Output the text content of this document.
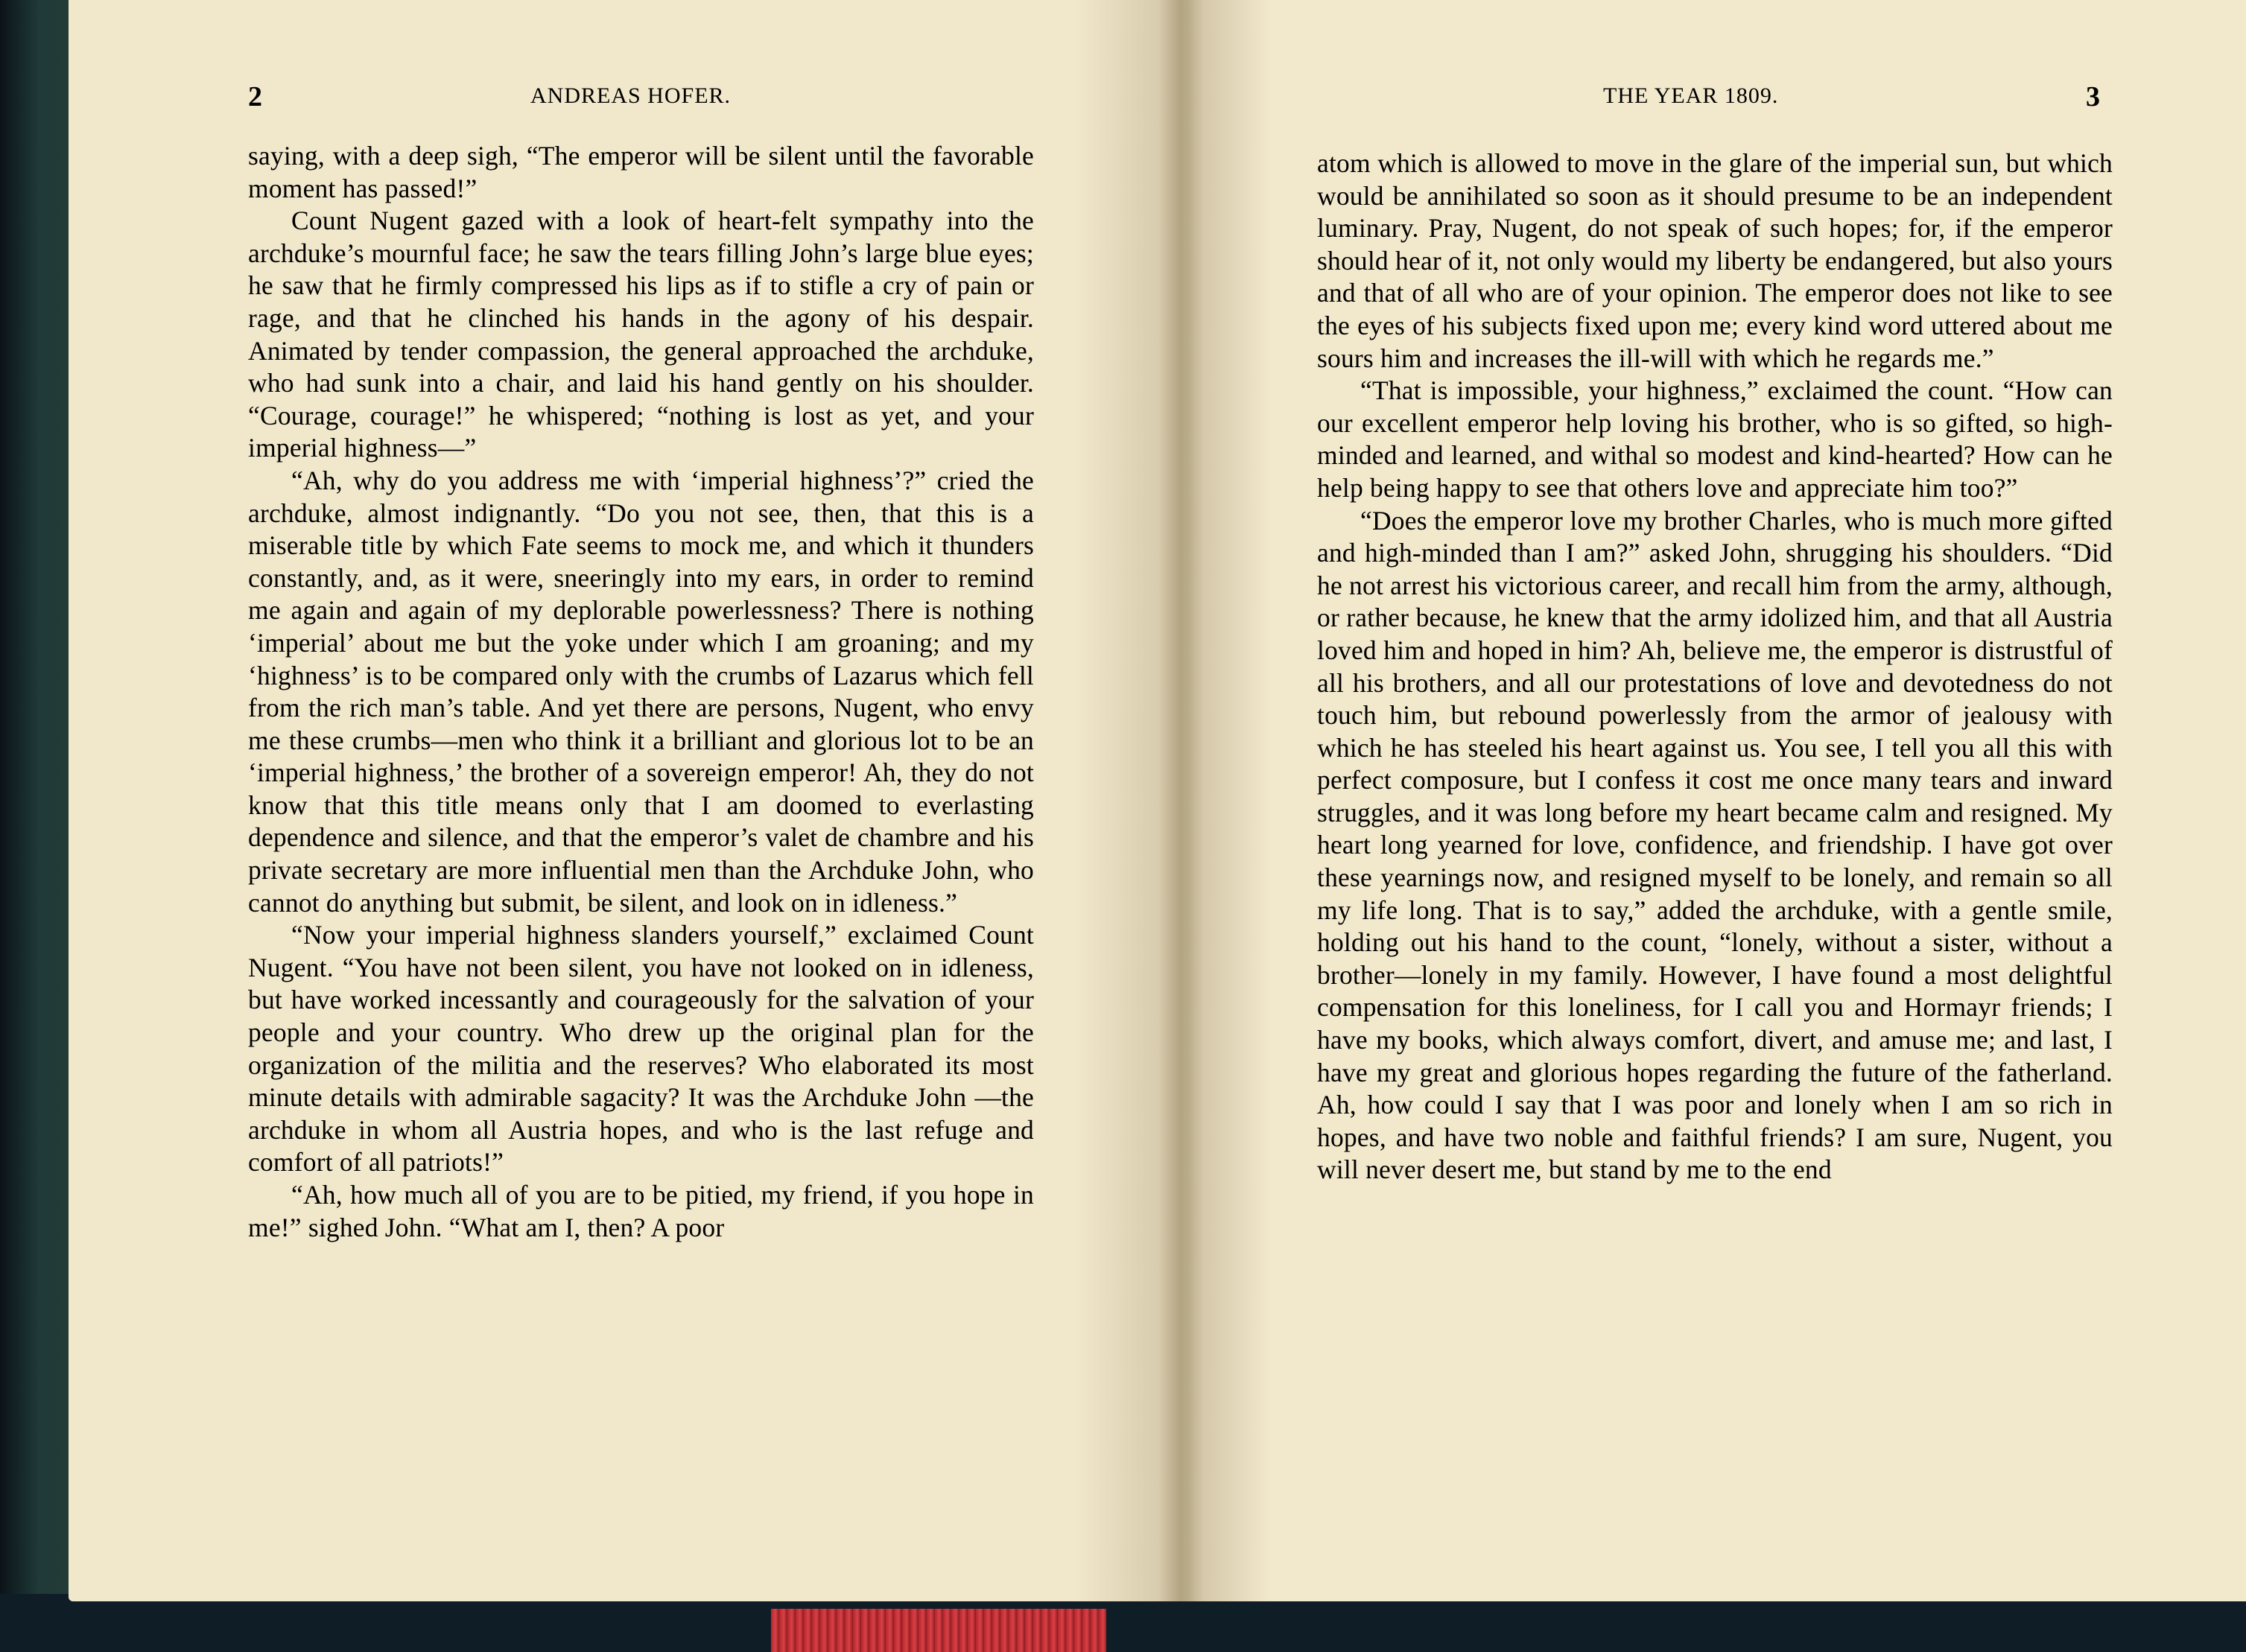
2	ANDREAS HOFER.

saying, with a deep sigh, “The emperor will be silent until the favorable moment has passed!”

Count Nugent gazed with a look of heart-felt sympathy into the archduke’s mournful face; he saw the tears filling John’s large blue eyes; he saw that he firmly compressed his lips as if to stifle a cry of pain or rage, and that he clinched his hands in the agony of his despair. Animated by tender compassion, the general approached the archduke, who had sunk into a chair, and laid his hand gently on his shoulder. “Courage, courage!” he whispered; “nothing is lost as yet, and your imperial highness—”

“Ah, why do you address me with ‘imperial highness’?” cried the archduke, almost indignantly. “Do you not see, then, that this is a miserable title by which Fate seems to mock me, and which it thunders constantly, and, as it were, sneeringly into my ears, in order to remind me again and again of my deplorable powerlessness? There is nothing ‘imperial’ about me but the yoke under which I am groaning; and my ‘highness’ is to be compared only with the crumbs of Lazarus which fell from the rich man’s table. And yet there are persons, Nugent, who envy me these crumbs—men who think it a brilliant and glorious lot to be an ‘imperial highness,’ the brother of a sovereign emperor! Ah, they do not know that this title means only that I am doomed to everlasting dependence and silence, and that the emperor’s valet de chambre and his private secretary are more influential men than the Archduke John, who cannot do anything but submit, be silent, and look on in idleness.”

“Now your imperial highness slanders yourself,” exclaimed Count Nugent. “You have not been silent, you have not looked on in idleness, but have worked incessantly and courageously for the salvation of your people and your country. Who drew up the original plan for the organization of the militia and the reserves? Who elaborated its most minute details with admirable sagacity? It was the Archduke John —the archduke in whom all Austria hopes, and who is the last refuge and comfort of all patriots!”

“Ah, how much all of you are to be pitied, my friend, if you hope in me!” sighed John. “What am I, then? A poor

THE YEAR 1809.	3

atom which is allowed to move in the glare of the imperial sun, but which would be annihilated so soon as it should presume to be an independent luminary. Pray, Nugent, do not speak of such hopes; for, if the emperor should hear of it, not only would my liberty be endangered, but also yours and that of all who are of your opinion. The emperor does not like to see the eyes of his subjects fixed upon me; every kind word uttered about me sours him and increases the ill-will with which he regards me.”

“That is impossible, your highness,” exclaimed the count. “How can our excellent emperor help loving his brother, who is so gifted, so high-minded and learned, and withal so modest and kind-hearted? How can he help being happy to see that others love and appreciate him too?”

“Does the emperor love my brother Charles, who is much more gifted and high-minded than I am?” asked John, shrugging his shoulders. “Did he not arrest his victorious career, and recall him from the army, although, or rather because, he knew that the army idolized him, and that all Austria loved him and hoped in him? Ah, believe me, the emperor is distrustful of all his brothers, and all our protestations of love and devotedness do not touch him, but rebound powerlessly from the armor of jealousy with which he has steeled his heart against us. You see, I tell you all this with perfect composure, but I confess it cost me once many tears and inward struggles, and it was long before my heart became calm and resigned. My heart long yearned for love, confidence, and friendship. I have got over these yearnings now, and resigned myself to be lonely, and remain so all my life long. That is to say,” added the archduke, with a gentle smile, holding out his hand to the count, “lonely, without a sister, without a brother—lonely in my family. However, I have found a most delightful compensation for this loneliness, for I call you and Hormayr friends; I have my books, which always comfort, divert, and amuse me; and last, I have my great and glorious hopes regarding the future of the fatherland. Ah, how could I say that I was poor and lonely when I am so rich in hopes, and have two noble and faithful friends? I am sure, Nugent, you will never desert me, but stand by me to the end
